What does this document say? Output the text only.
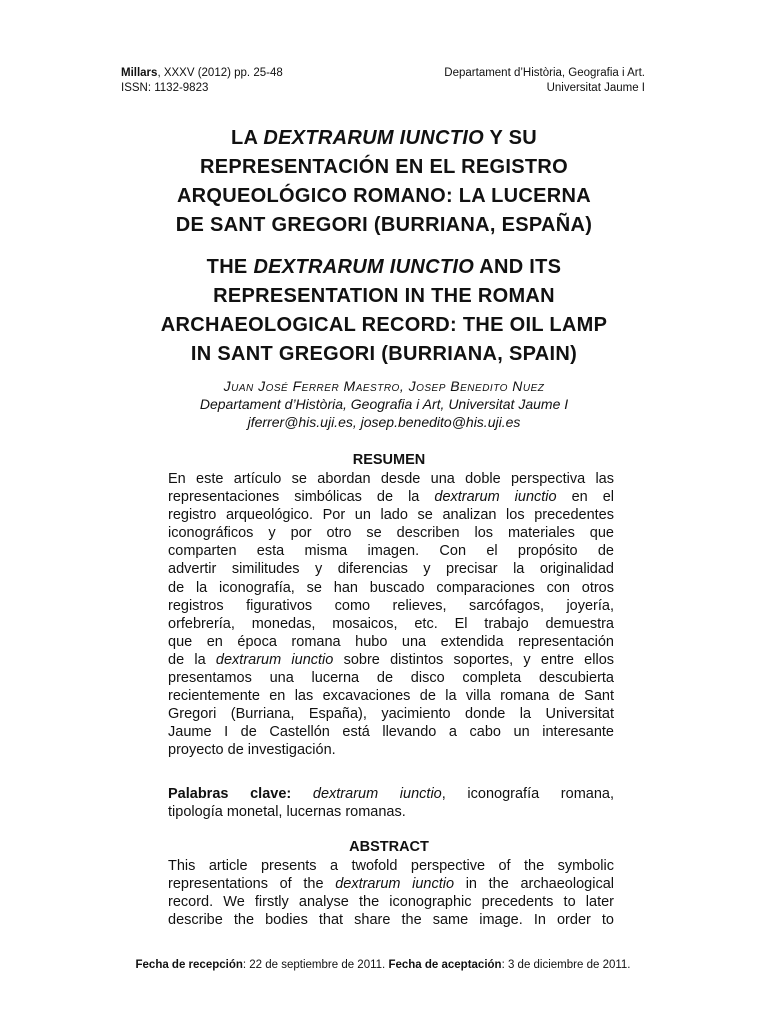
Millars, XXXV (2012) pp. 25-48
ISSN: 1132-9823
Departament d’Història, Geografia i Art.
Universitat Jaume I
LA DEXTRARUM IUNCTIO Y SU
REPRESENTACIÓN EN EL REGISTRO
ARQUEOLÓGICO ROMANO: LA LUCERNA
DE SANT GREGORI (BURRIANA, ESPAÑA)
THE DEXTRARUM IUNCTIO AND ITS
REPRESENTATION IN THE ROMAN
ARCHAEOLOGICAL RECORD: THE OIL LAMP
IN SANT GREGORI (BURRIANA, SPAIN)
Juan José Ferrer Maestro, Josep Benedito Nuez
Departament d’Història, Geografia i Art, Universitat Jaume I
jferrer@his.uji.es, josep.benedito@his.uji.es
RESUMEN
En este artículo se abordan desde una doble perspectiva las
representaciones simbólicas de la dextrarum iunctio en el
registro arqueológico. Por un lado se analizan los precedentes
iconográficos y por otro se describen los materiales que
comparten esta misma imagen. Con el propósito de
advertir similitudes y diferencias y precisar la originalidad
de la iconografía, se han buscado comparaciones con otros
registros figurativos como relieves, sarcófagos, joyería,
orfebrería, monedas, mosaicos, etc. El trabajo demuestra
que en época romana hubo una extendida representación
de la dextrarum iunctio sobre distintos soportes, y entre ellos
presentamos una lucerna de disco completa descubierta
recientemente en las excavaciones de la villa romana de Sant
Gregori (Burriana, España), yacimiento donde la Universitat
Jaume I de Castellón está llevando a cabo un interesante
proyecto de investigación.
Palabras clave: dextrarum iunctio, iconografía romana,
tipología monetal, lucernas romanas.
ABSTRACT
This article presents a twofold perspective of the symbolic
representations of the dextrarum iunctio in the archaeological
record. We firstly analyse the iconographic precedents to later
describe the bodies that share the same image. In order to
Fecha de recepción: 22 de septiembre de 2011. Fecha de aceptación: 3 de diciembre de 2011.
